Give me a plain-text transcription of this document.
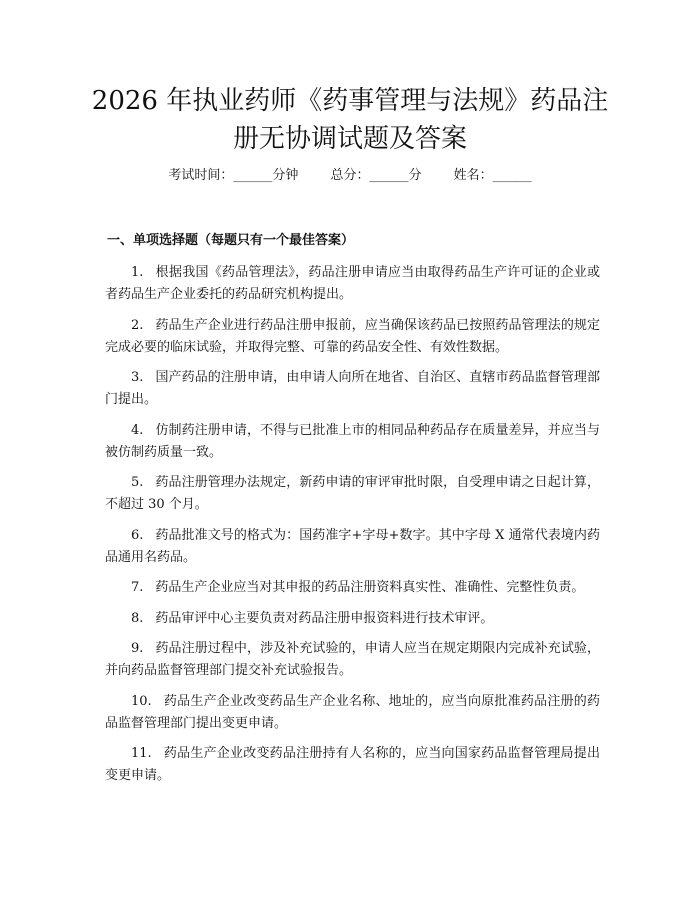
2026 年执业药师《药事管理与法规》药品注
册无协调试题及答案
考试时间：______分钟 总分：______分 姓名：______
一、单项选择题（每题只有一个最佳答案）
1. 根据我国《药品管理法》，药品注册申请应当由取得药品生产许可证的企业或者药品生产企业委托的药品研究机构提出。
2. 药品生产企业进行药品注册申报前，应当确保该药品已按照药品管理法的规定完成必要的临床试验，并取得完整、可靠的药品安全性、有效性数据。
3. 国产药品的注册申请，由申请人向所在地省、自治区、直辖市药品监督管理部门提出。
4. 仿制药注册申请，不得与已批准上市的相同品种药品存在质量差异，并应当与被仿制药质量一致。
5. 药品注册管理办法规定，新药申请的审评审批时限，自受理申请之日起计算，不超过 30 个月。
6. 药品批准文号的格式为：国药准字+字母+数字。其中字母 X 通常代表境内药品通用名药品。
7. 药品生产企业应当对其申报的药品注册资料真实性、准确性、完整性负责。
8. 药品审评中心主要负责对药品注册申报资料进行技术审评。
9. 药品注册过程中，涉及补充试验的，申请人应当在规定期限内完成补充试验，并向药品监督管理部门提交补充试验报告。
10. 药品生产企业改变药品生产企业名称、地址的，应当向原批准药品注册的药品监督管理部门提出变更申请。
11. 药品生产企业改变药品注册持有人名称的，应当向国家药品监督管理局提出变更申请。
